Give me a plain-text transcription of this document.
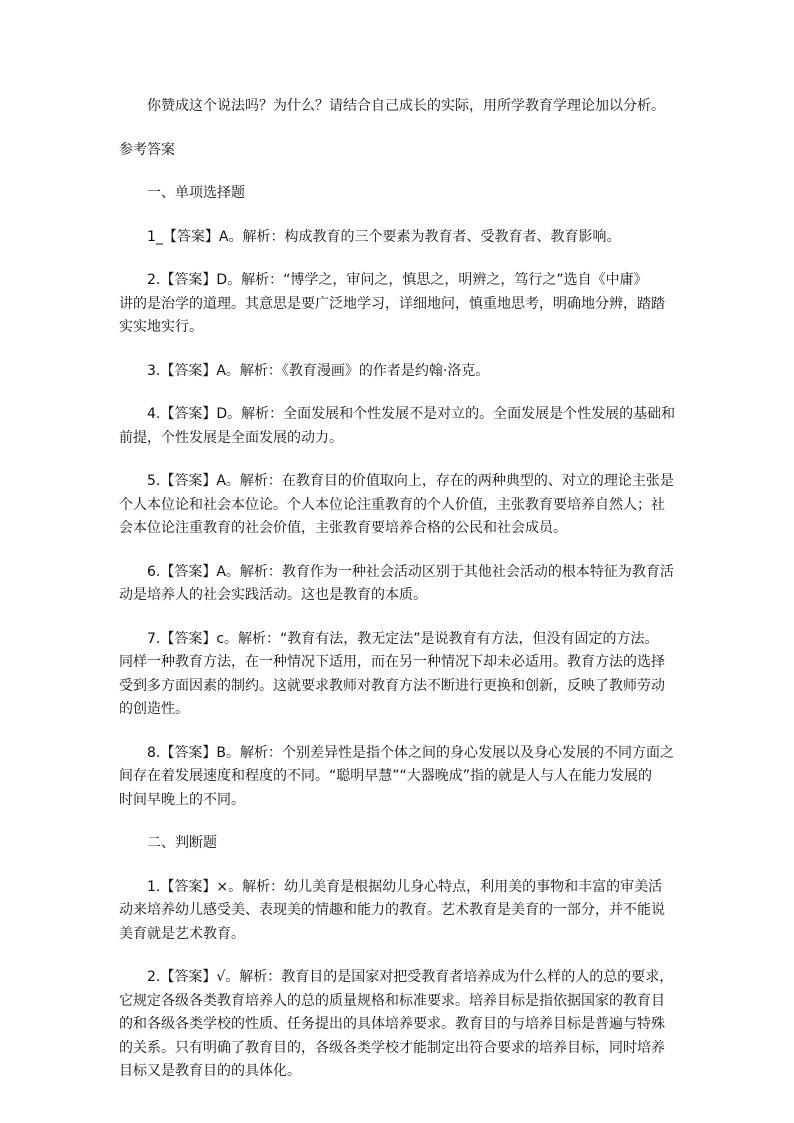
你赞成这个说法吗？为什么？请结合自己成长的实际，用所学教育学理论加以分析。

参考答案

一、单项选择题

1_【答案】A。解析：构成教育的三个要素为教育者、受教育者、教育影响。

2.【答案】D。解析：“博学之，审问之，慎思之，明辨之，笃行之”选自《中庸》
讲的是治学的道理。其意思是要广泛地学习，详细地问，慎重地思考，明确地分辨，踏踏
实实地实行。

3.【答案】A。解析：《教育漫画》的作者是约翰·洛克。

4.【答案】D。解析：全面发展和个性发展不是对立的。全面发展是个性发展的基础和
前提，个性发展是全面发展的动力。

5.【答案】A。解析：在教育目的价值取向上，存在的两种典型的、对立的理论主张是
个人本位论和社会本位论。个人本位论注重教育的个人价值，主张教育要培养自然人；社
会本位论注重教育的社会价值，主张教育要培养合格的公民和社会成员。

6.【答案】A。解析：教育作为一种社会活动区别于其他社会活动的根本特征为教育活
动是培养人的社会实践活动。这也是教育的本质。

7.【答案】c。解析：“教育有法，教无定法”是说教育有方法，但没有固定的方法。
同样一种教育方法，在一种情况下适用，而在另一种情况下却未必适用。教育方法的选择
受到多方面因素的制约。这就要求教师对教育方法不断进行更换和创新，反映了教师劳动
的创造性。

8.【答案】B。解析：个别差异性是指个体之间的身心发展以及身心发展的不同方面之
间存在着发展速度和程度的不同。“聪明早慧”“大器晚成”指的就是人与人在能力发展的
时间早晚上的不同。

二、判断题

1.【答案】×。解析：幼儿美育是根据幼儿身心特点，利用美的事物和丰富的审美活
动来培养幼儿感受美、表现美的情趣和能力的教育。艺术教育是美育的一部分，并不能说
美育就是艺术教育。

2.【答案】√。解析：教育目的是国家对把受教育者培养成为什么样的人的总的要求，
它规定各级各类教育培养人的总的质量规格和标准要求。培养目标是指依据国家的教育目
的和各级各类学校的性质、任务提出的具体培养要求。教育目的与培养目标是普遍与特殊
的关系。只有明确了教育目的，各级各类学校才能制定出符合要求的培养目标，同时培养
目标又是教育目的的具体化。
